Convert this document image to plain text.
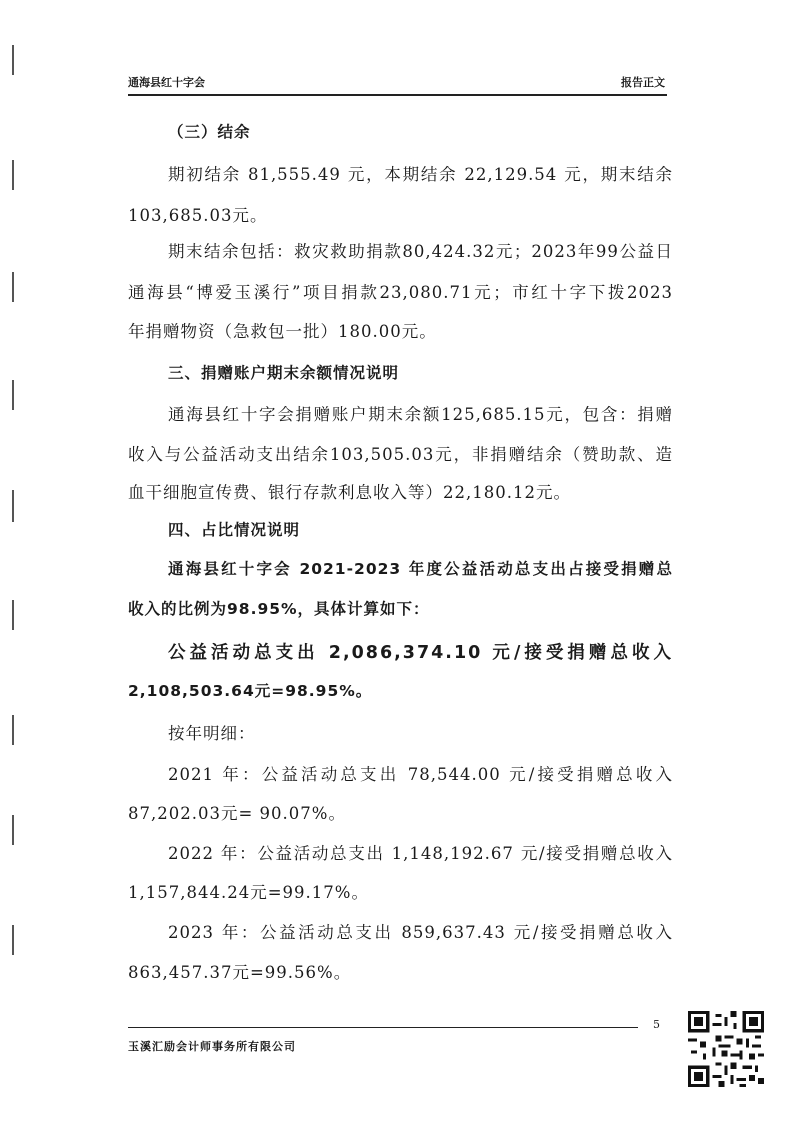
通海县红十字会	报告正文
（三）结余
期初结余 81,555.49 元，本期结余 22,129.54 元，期末结余
103,685.03元。
期末结余包括：救灾救助捐款80,424.32元；2023年99公益日
通海县“博爱玉溪行”项目捐款23,080.71元；市红十字下拨2023
年捐赠物资（急救包一批）180.00元。
三、捐赠账户期末余额情况说明
通海县红十字会捐赠账户期末余额125,685.15元，包含：捐赠
收入与公益活动支出结余103,505.03元，非捐赠结余（赞助款、造
血干细胞宣传费、银行存款利息收入等）22,180.12元。
四、占比情况说明
通海县红十字会 2021-2023 年度公益活动总支出占接受捐赠总
收入的比例为98.95%，具体计算如下：
公益活动总支出 2,086,374.10 元/接受捐赠总收入
2,108,503.64元=98.95%。
按年明细：
2021 年：公益活动总支出 78,544.00 元/接受捐赠总收入
87,202.03元= 90.07%。
2022 年：公益活动总支出 1,148,192.67 元/接受捐赠总收入
1,157,844.24元=99.17%。
2023 年：公益活动总支出 859,637.43 元/接受捐赠总收入
863,457.37元=99.56%。
5
玉溪汇励会计师事务所有限公司
